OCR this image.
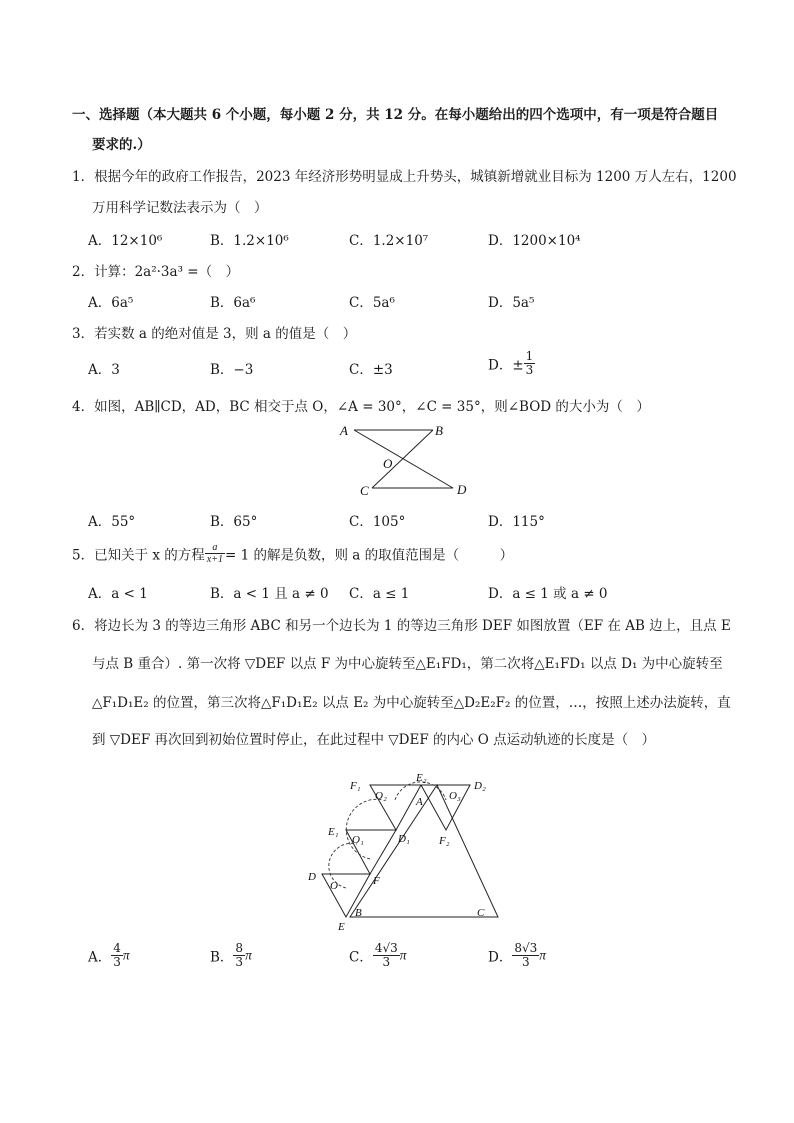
一、选择题（本大题共 6 个小题，每小题 2 分，共 12 分。在每小题给出的四个选项中，有一项是符合题目
要求的.）
1．根据今年的政府工作报告，2023 年经济形势明显成上升势头，城镇新增就业目标为 1200 万人左右，1200
万用科学记数法表示为（　）
A．12×10⁶	B．1.2×10⁶	C．1.2×10⁷	D．1200×10⁴
2．计算：2a²·3a³ =（　）
A．6a⁵	B．6a⁶	C．5a⁶	D．5a⁵
3．若实数 a 的绝对值是 3，则 a 的值是（　）
A．3	B．−3	C．±3	D．± $\frac{1}{3}$
4．如图，AB∥CD，AD，BC 相交于点 O，∠A = 30°，∠C = 35°，则∠BOD 的大小为（　）
A	B
O
C	D
A．55°	B．65°	C．105°	D．115°
5．已知关于 x 的方程 $\frac{a}{x+1} = 1$ 的解是负数，则 a 的取值范围是（　　　）
A．a < 1	B．a < 1 且 a ≠ 0 C．a ≤ 1	D．a ≤ 1 或 a ≠ 0
6．将边长为 3 的等边三角形 ABC 和另一个边长为 1 的等边三角形 DEF 如图放置（EF 在 AB 边上，且点 E
与点 B 重合）. 第一次将 ▽DEF 以点 F 为中心旋转至△E₁FD₁，第二次将△E₁FD₁ 以点 D₁ 为中心旋转至
△F₁D₁E₂ 的位置，第三次将△F₁D₁E₂ 以点 E₂ 为中心旋转至△D₂E₂F₂ 的位置，…，按照上述办法旋转，直
到 ▽DEF 再次回到初始位置时停止，在此过程中 ▽DEF 的内心 O 点运动轨迹的长度是（　）
F₁
O₂
E₂
O₃
D₂
A
E₁
O₁	D₁	F₂
D
O	F
B
E
C
A． $\frac{4}{3}$ π	B． $\frac{8}{3}$ π	C． $\frac{4√3}{3}$ π	D． $\frac{8√3}{3}$ π
